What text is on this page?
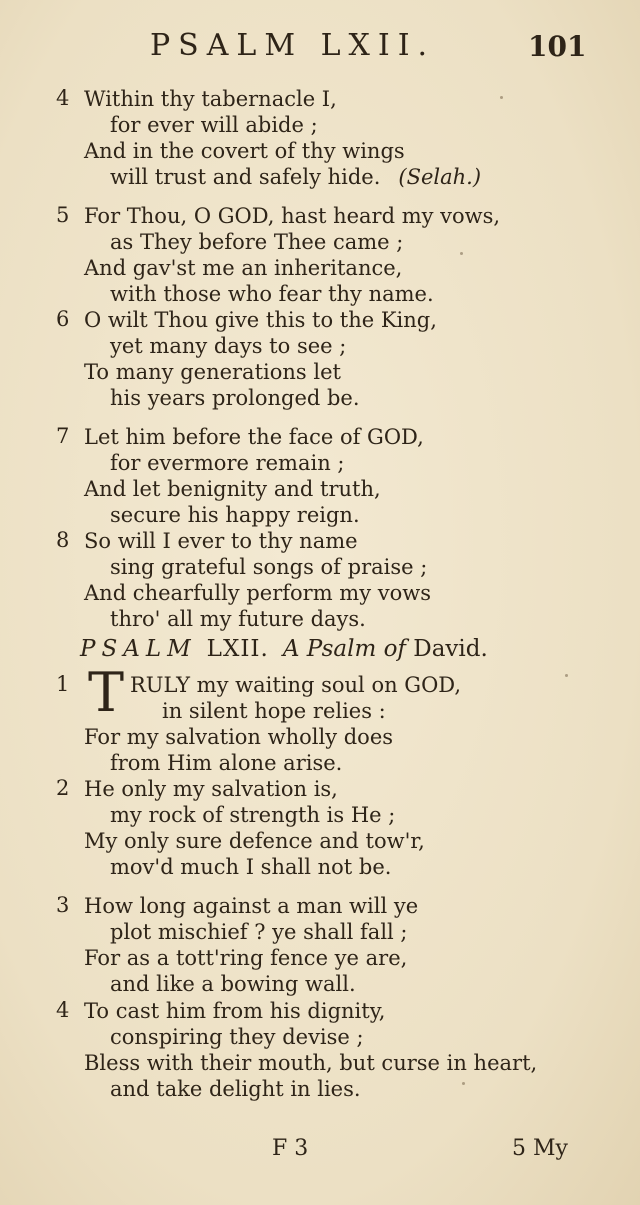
PSALM LXII.	101
4 Within thy tabernacle I,
for ever will abide ;
And in the covert of thy wings
will trust and safely hide. (Selah.)
5 For Thou, O GOD, hast heard my vows,
as They before Thee came ;
And gav'st me an inheritance,
with those who fear thy name.
6 O wilt Thou give this to the King,
yet many days to see ;
To many generations let
his years prolonged be.
7 Let him before the face of GOD,
for evermore remain ;
And let benignity and truth,
secure his happy reign.
8 So will I ever to thy name
sing grateful songs of praise ;
And chearfully perform my vows
thro' all my future days.
PSALM LXII. A Psalm of David.
1 T RULY my waiting soul on GOD,
in silent hope relies :
For my salvation wholly does
from Him alone arise.
2 He only my salvation is,
my rock of strength is He ;
My only sure defence and tow'r,
mov'd much I shall not be.
3 How long against a man will ye
plot mischief ? ye shall fall ;
For as a tott'ring fence ye are,
and like a bowing wall.
4 To cast him from his dignity,
conspiring they devise ;
Bless with their mouth, but curse in heart,
and take delight in lies.
F 3	5 My
